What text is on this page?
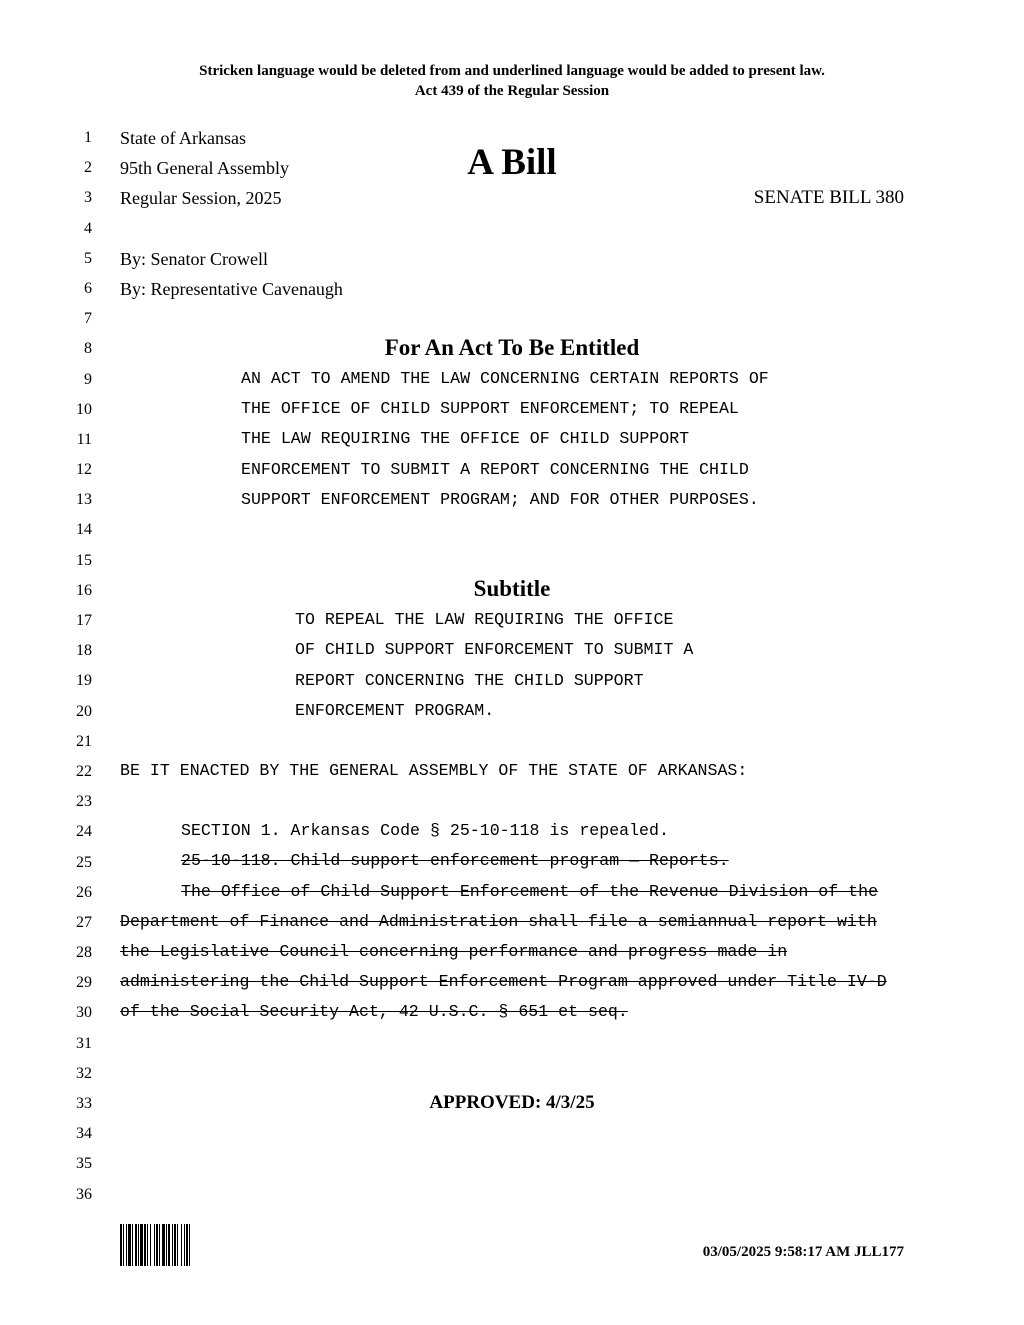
Stricken language would be deleted from and underlined language would be added to present law.
Act 439 of the Regular Session
1
2
3
4
5
6
7
8
9
10
11
12
13
14
15
16
17
18
19
20
21
22
23
24
25
26
27
28
29
30
31
32
33
34
35
36
State of Arkansas
95th General Assembly
Regular Session, 2025
A Bill
SENATE BILL 380
By: Senator Crowell
By: Representative Cavenaugh
For An Act To Be Entitled
AN ACT TO AMEND THE LAW CONCERNING CERTAIN REPORTS OF
THE OFFICE OF CHILD SUPPORT ENFORCEMENT; TO REPEAL
THE LAW REQUIRING THE OFFICE OF CHILD SUPPORT
ENFORCEMENT TO SUBMIT A REPORT CONCERNING THE CHILD
SUPPORT ENFORCEMENT PROGRAM; AND FOR OTHER PURPOSES.
Subtitle
TO REPEAL THE LAW REQUIRING THE OFFICE
OF CHILD SUPPORT ENFORCEMENT TO SUBMIT A
REPORT CONCERNING THE CHILD SUPPORT
ENFORCEMENT PROGRAM.
BE IT ENACTED BY THE GENERAL ASSEMBLY OF THE STATE OF ARKANSAS:
SECTION 1. Arkansas Code § 25-10-118 is repealed.
25-10-118. Child support enforcement program — Reports.
The Office of Child Support Enforcement of the Revenue Division of the
Department of Finance and Administration shall file a semiannual report with
the Legislative Council concerning performance and progress made in
administering the Child Support Enforcement Program approved under Title IV-D
of the Social Security Act, 42 U.S.C. § 651 et seq.
APPROVED: 4/3/25
03/05/2025 9:58:17 AM JLL177
